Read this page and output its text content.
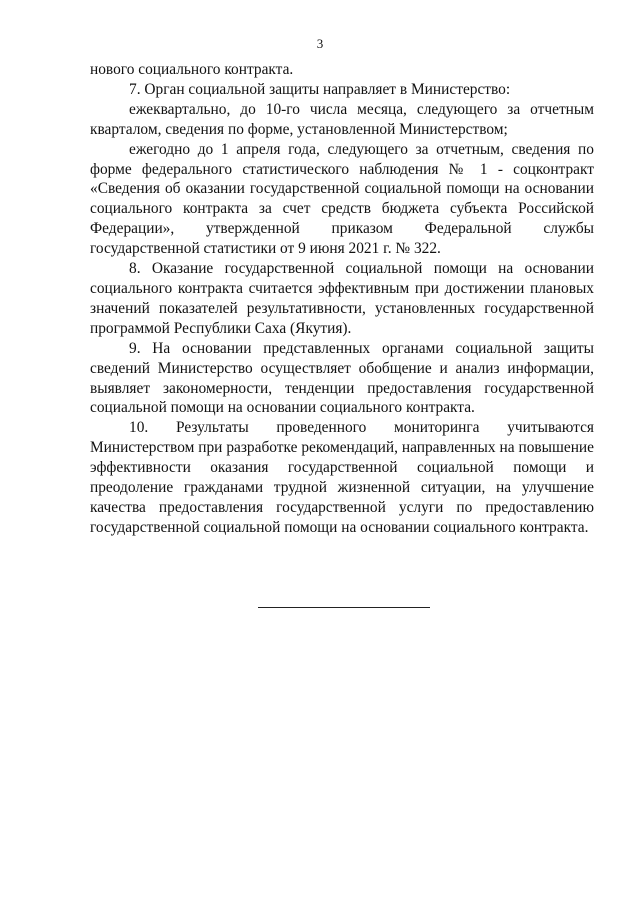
3

нового социального контракта.

7. Орган социальной защиты направляет в Министерство:

ежеквартально, до 10-го числа месяца, следующего за отчетным кварталом, сведения по форме, установленной Министерством;

ежегодно до 1 апреля года, следующего за отчетным, сведения по форме федерального статистического наблюдения № 1 - соцконтракт «Сведения об оказании государственной социальной помощи на основании социального контракта за счет средств бюджета субъекта Российской Федерации», утвержденной приказом Федеральной службы государственной статистики от 9 июня 2021 г. № 322.

8. Оказание государственной социальной помощи на основании социального контракта считается эффективным при достижении плановых значений показателей результативности, установленных государственной программой Республики Саха (Якутия).

9. На основании представленных органами социальной защиты сведений Министерство осуществляет обобщение и анализ информации, выявляет закономерности, тенденции предоставления государственной социальной помощи на основании социального контракта.

10. Результаты проведенного мониторинга учитываются Министерством при разработке рекомендаций, направленных на повышение эффективности оказания государственной социальной помощи и преодоление гражданами трудной жизненной ситуации, на улучшение качества предоставления государственной услуги по предоставлению государственной социальной помощи на основании социального контракта.
